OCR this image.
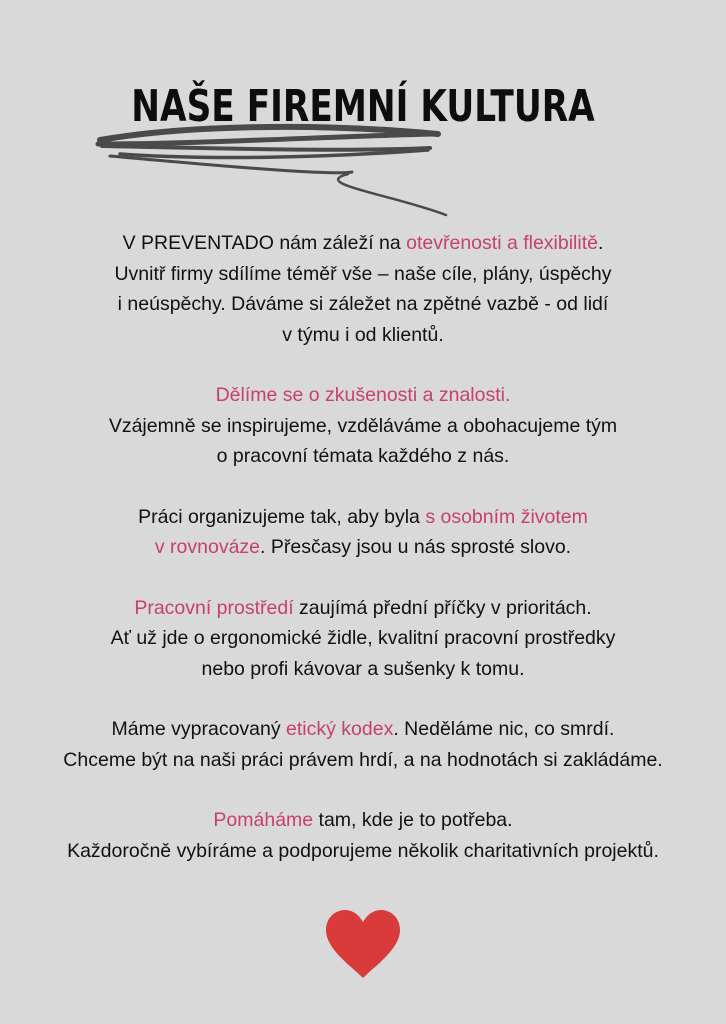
NAŠE FIREMNÍ KULTURA

V PREVENTADO nám záleží na otevřenosti a flexibilitě.

Uvnitř firmy sdílíme téměř vše – naše cíle, plány, úspěchy

i neúspěchy. Dáváme si záležet na zpětné vazbě - od lidí

v týmu i od klientů.

Dělíme se o zkušenosti a znalosti.

Vzájemně se inspirujeme, vzděláváme a obohacujeme tým

o pracovní témata každého z nás.

Práci organizujeme tak, aby byla s osobním životem

v rovnováze. Přesčasy jsou u nás sprosté slovo.

Pracovní prostředí zaujímá přední příčky v prioritách.

Ať už jde o ergonomické židle, kvalitní pracovní prostředky

nebo profi kávovar a sušenky k tomu.

Máme vypracovaný etický kodex. Neděláme nic, co smrdí.

Chceme být na naši práci právem hrdí, a na hodnotách si zakládáme.

Pomáháme tam, kde je to potřeba.

Každoročně vybíráme a podporujeme několik charitativních projektů.
